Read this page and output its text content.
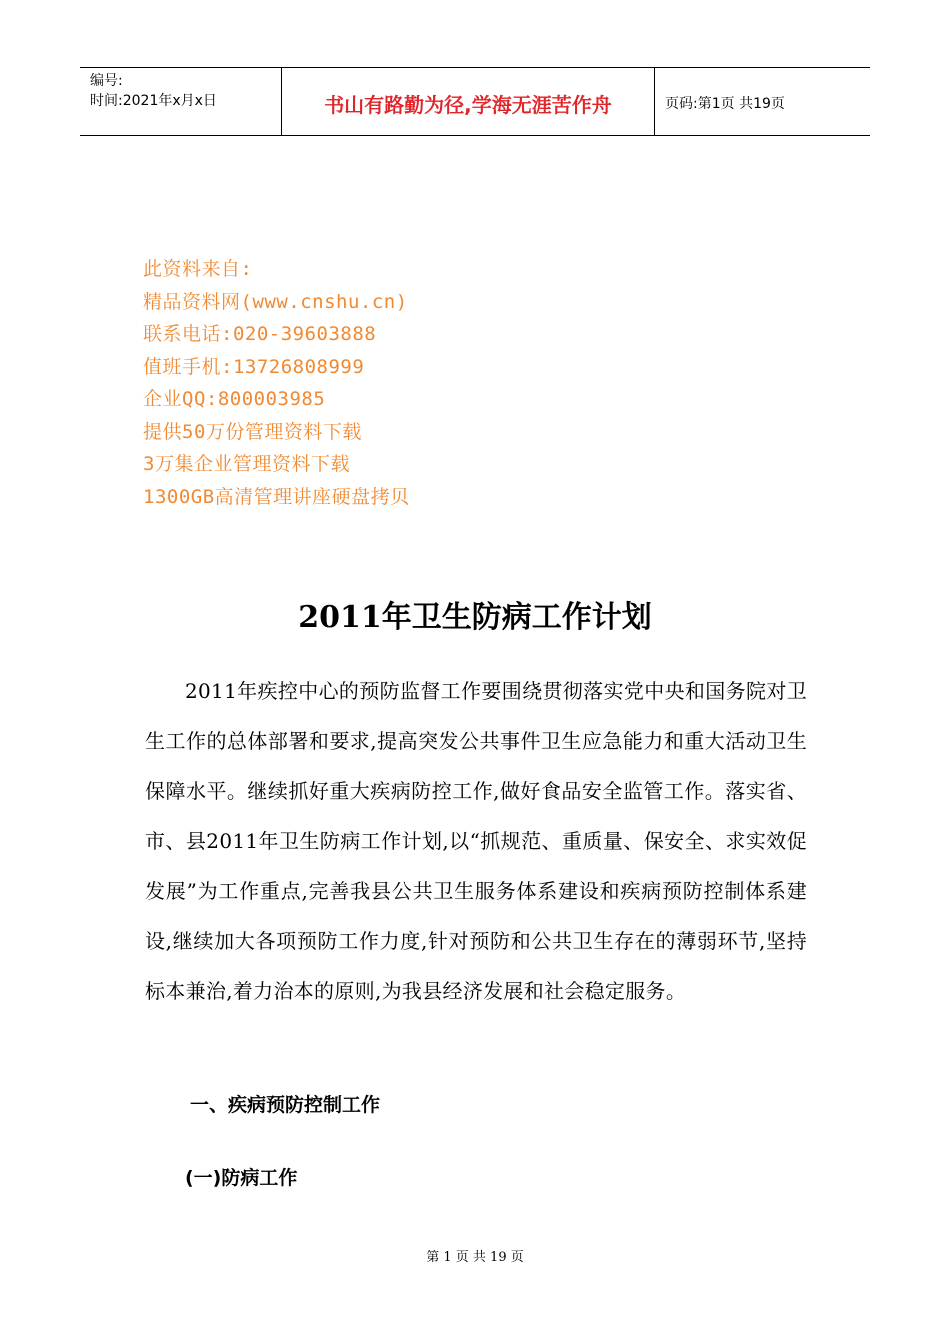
编号:
时间:2021年x月x日	书山有路勤为径,学海无涯苦作舟	页码:第1页 共19页
此资料来自:
精品资料网(www.cnshu.cn)
联系电话:020-39603888
值班手机:13726808999
企业QQ:800003985
提供50万份管理资料下载
3万集企业管理资料下载
1300GB高清管理讲座硬盘拷贝
2011年卫生防病工作计划
2011年疾控中心的预防监督工作要围绕贯彻落实党中央和国务院对卫生工作的总体部署和要求,提高突发公共事件卫生应急能力和重大活动卫生保障水平。继续抓好重大疾病防控工作,做好食品安全监管工作。落实省、市、县2011年卫生防病工作计划,以“抓规范、重质量、保安全、求实效促发展”为工作重点,完善我县公共卫生服务体系建设和疾病预防控制体系建设,继续加大各项预防工作力度,针对预防和公共卫生存在的薄弱环节,坚持标本兼治,着力治本的原则,为我县经济发展和社会稳定服务。
一、疾病预防控制工作
(一)防病工作
第 1 页 共 19 页
